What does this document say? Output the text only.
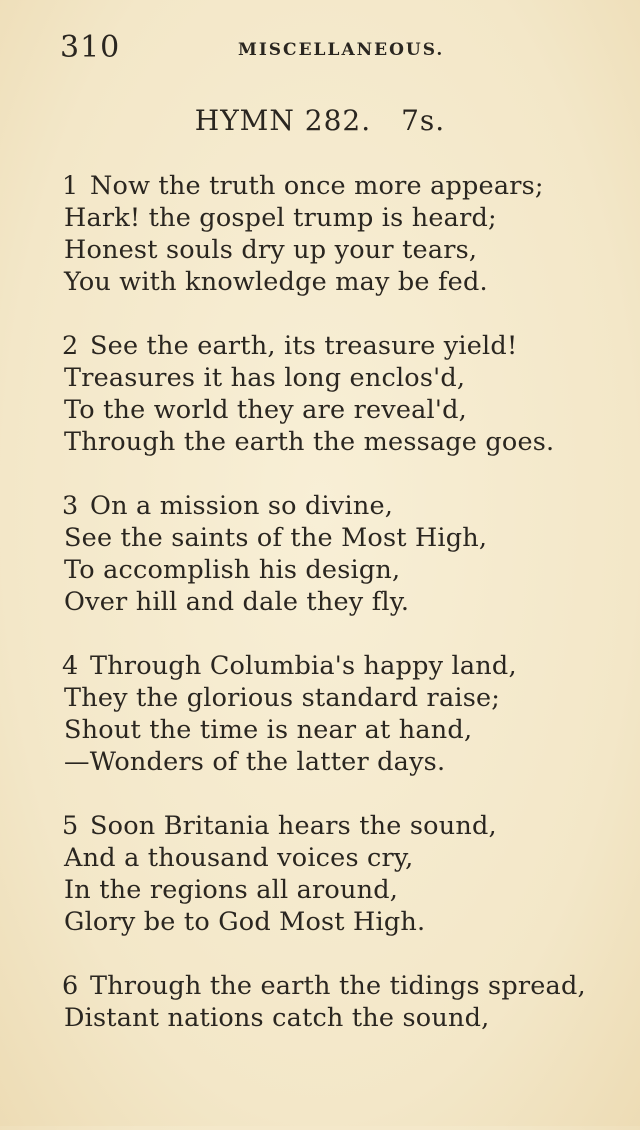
310	MISCELLANEOUS.
HYMN 282. 7s.
1 Now the truth once more appears;
Hark! the gospel trump is heard;
Honest souls dry up your tears,
You with knowledge may be fed.
2 See the earth, its treasure yield!
Treasures it has long enclos'd,
To the world they are reveal'd,
Through the earth the message goes.
3 On a mission so divine,
See the saints of the Most High,
To accomplish his design,
Over hill and dale they fly.
4 Through Columbia's happy land,
They the glorious standard raise;
Shout the time is near at hand,
—Wonders of the latter days.
5 Soon Britania hears the sound,
And a thousand voices cry,
In the regions all around,
Glory be to God Most High.
6 Through the earth the tidings spread,
Distant nations catch the sound,
